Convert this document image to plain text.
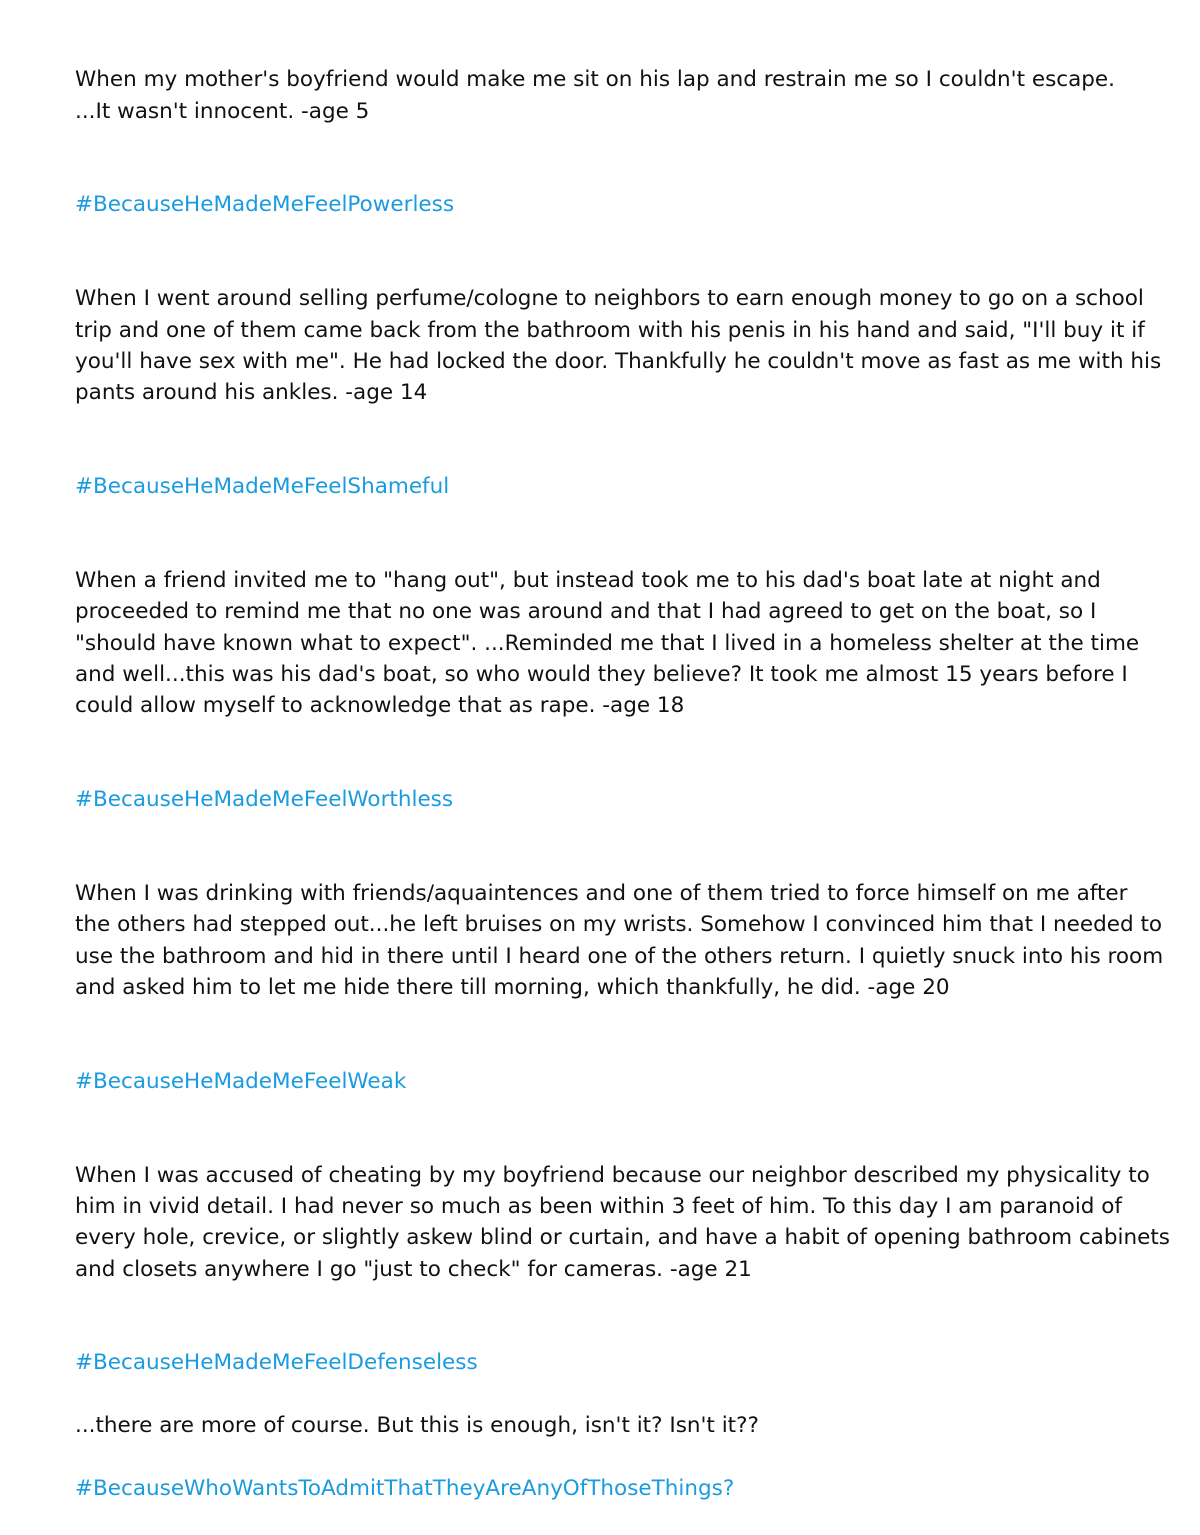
When my mother's boyfriend would make me sit on his lap and restrain me so I couldn't escape.
...It wasn't innocent. -age 5

#BecauseHeMadeMeFeelPowerless

When I went around selling perfume/cologne to neighbors to earn enough money to go on a school
trip and one of them came back from the bathroom with his penis in his hand and said, "I'll buy it if
you'll have sex with me". He had locked the door. Thankfully he couldn't move as fast as me with his
pants around his ankles. -age 14

#BecauseHeMadeMeFeelShameful

When a friend invited me to "hang out", but instead took me to his dad's boat late at night and
proceeded to remind me that no one was around and that I had agreed to get on the boat, so I
"should have known what to expect". ...Reminded me that I lived in a homeless shelter at the time
and well...this was his dad's boat, so who would they believe? It took me almost 15 years before I
could allow myself to acknowledge that as rape. -age 18

#BecauseHeMadeMeFeelWorthless

When I was drinking with friends/aquaintences and one of them tried to force himself on me after
the others had stepped out...he left bruises on my wrists. Somehow I convinced him that I needed to
use the bathroom and hid in there until I heard one of the others return. I quietly snuck into his room
and asked him to let me hide there till morning, which thankfully, he did. -age 20

#BecauseHeMadeMeFeelWeak

When I was accused of cheating by my boyfriend because our neighbor described my physicality to
him in vivid detail. I had never so much as been within 3 feet of him. To this day I am paranoid of
every hole, crevice, or slightly askew blind or curtain, and have a habit of opening bathroom cabinets
and closets anywhere I go "just to check" for cameras. -age 21

#BecauseHeMadeMeFeelDefenseless

...there are more of course. But this is enough, isn't it? Isn't it??
#BecauseWhoWantsToAdmitThatTheyAreAnyOfThoseThings?
